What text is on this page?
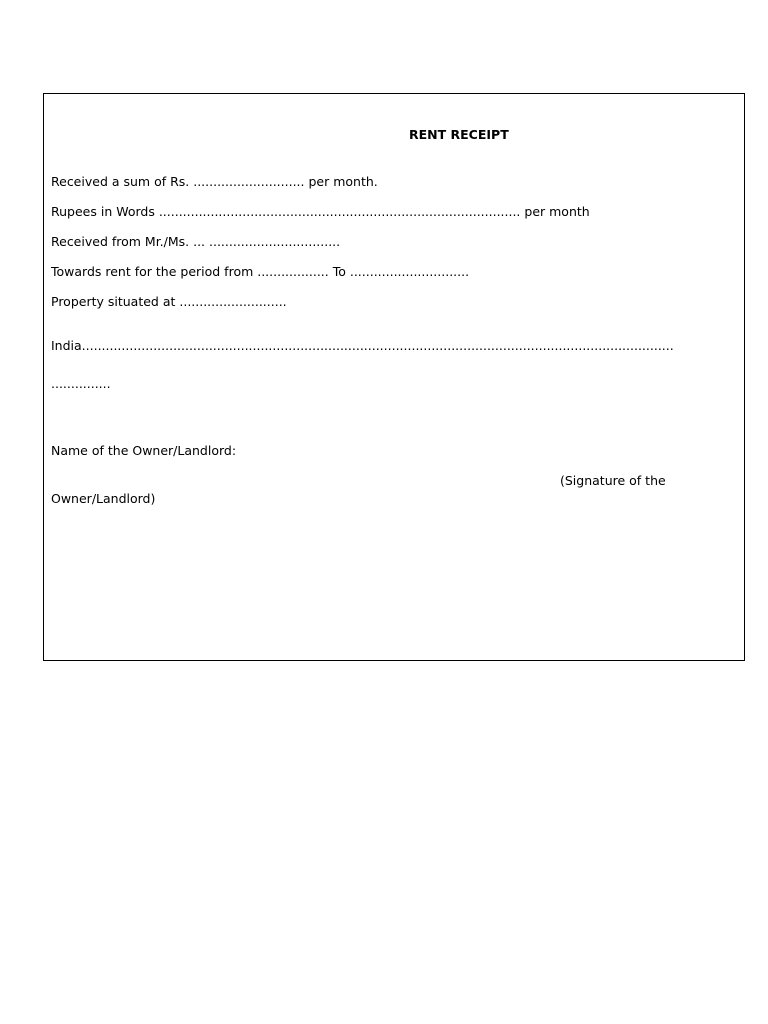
RENT RECEIPT
Received a sum of Rs. ............................ per month.
Rupees in Words ........................................................................................... per month
Received from Mr./Ms. ... .................................
Towards rent for the period from .................. To ..............................
Property situated at ...........................
India.....................................................................................................................................................
...............
Name of the Owner/Landlord:
(Signature of the
Owner/Landlord)
